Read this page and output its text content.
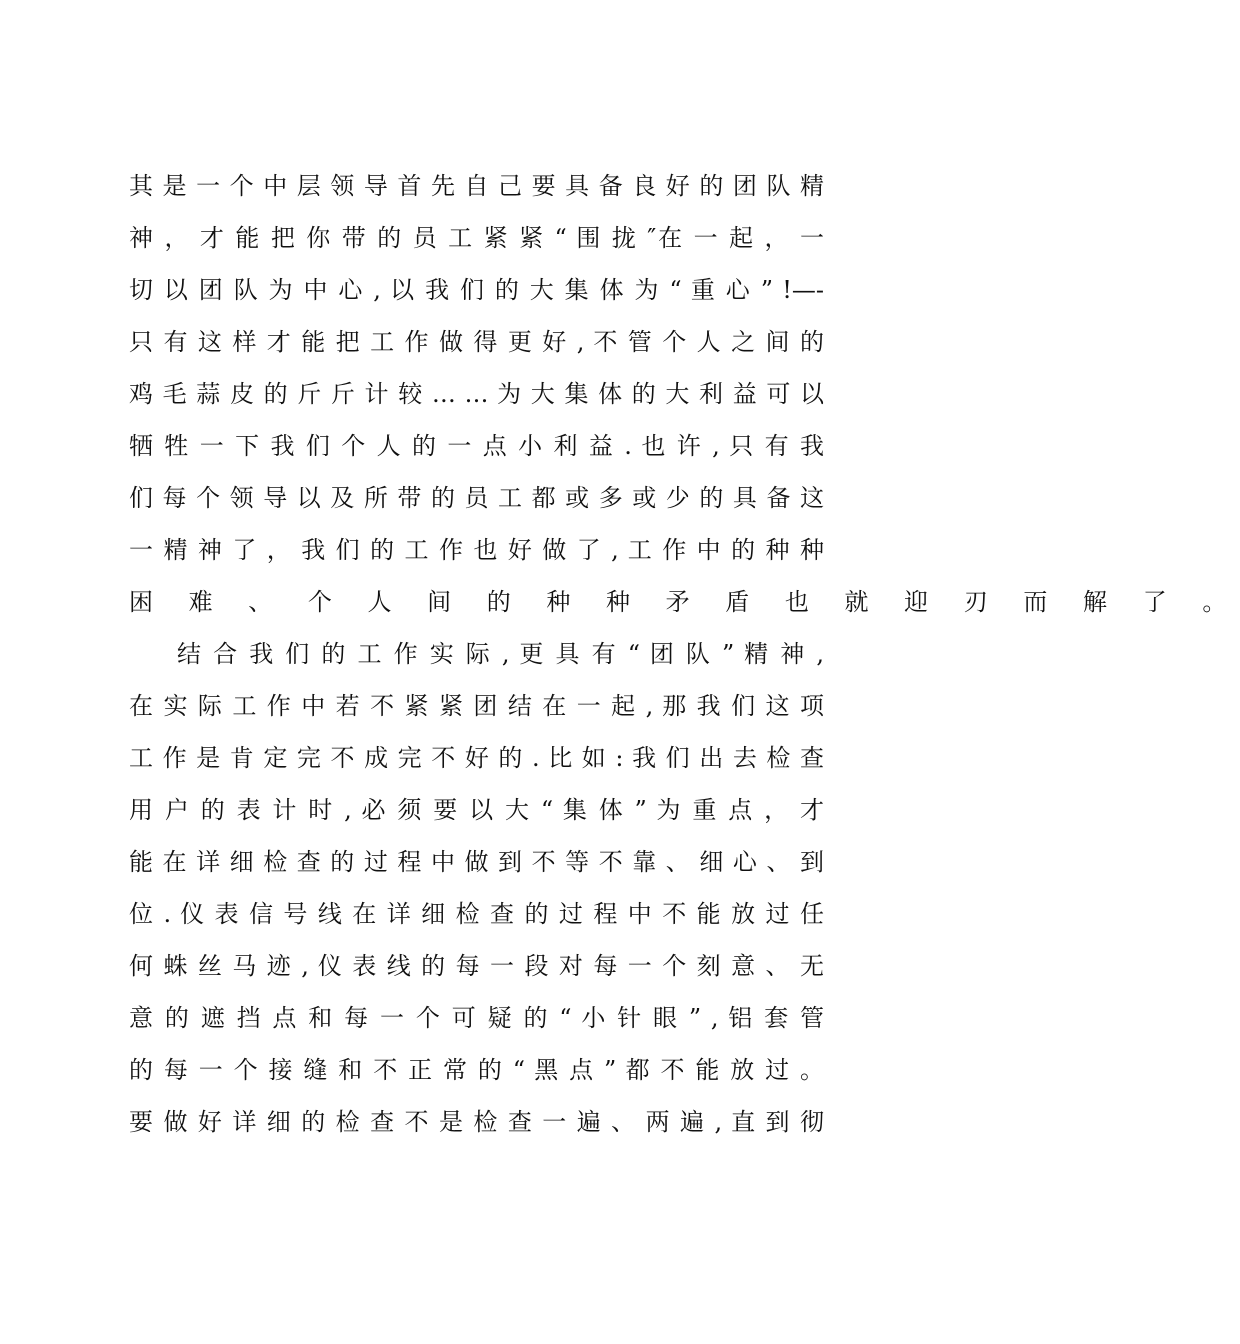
其 是 一 个 中 层 领 导 首 先 自 己 要 具 备 良 好 的 团 队 精
神 ， 才 能 把 你 带 的 员 工 紧 紧 “ 围 拢 ″在 一 起 ， 一
切 以 团 队 为 中 心 , 以 我 们 的 大 集 体 为 “ 重 心 ” !—-
只 有 这 样 才 能 把 工 作 做 得 更 好 , 不 管 个 人 之 间 的
鸡 毛 蒜 皮 的 斤 斤 计 较 … … 为 大 集 体 的 大 利 益 可 以
牺 牲 一 下 我 们 个 人 的 一 点 小 利 益 . 也 许 , 只 有 我
们 每 个 领 导 以 及 所 带 的 员 工 都 或 多 或 少 的 具 备 这
一 精 神 了 ， 我 们 的 工 作 也 好 做 了 , 工 作 中 的 种 种
困 难 、 个 人 间 的 种 种 矛 盾 也 就 迎 刃 而 解 了 。
结 合 我 们 的 工 作 实 际 , 更 具 有 “ 团 队 ” 精 神 ,
在 实 际 工 作 中 若 不 紧 紧 团 结 在 一 起 , 那 我 们 这 项
工 作 是 肯 定 完 不 成 完 不 好 的 . 比 如 : 我 们 出 去 检 查
用 户 的 表 计 时 , 必 须 要 以 大 “ 集 体 ” 为 重 点 ， 才
能 在 详 细 检 查 的 过 程 中 做 到 不 等 不 靠 、 细 心 、 到
位 . 仪 表 信 号 线 在 详 细 检 查 的 过 程 中 不 能 放 过 任
何 蛛 丝 马 迹 , 仪 表 线 的 每 一 段 对 每 一 个 刻 意 、 无
意 的 遮 挡 点 和 每 一 个 可 疑 的 “ 小 针 眼 ” , 铝 套 管
的 每 一 个 接 缝 和 不 正 常 的 “ 黑 点 ” 都 不 能 放 过 。
要 做 好 详 细 的 检 查 不 是 检 查 一 遍 、 两 遍 , 直 到 彻
